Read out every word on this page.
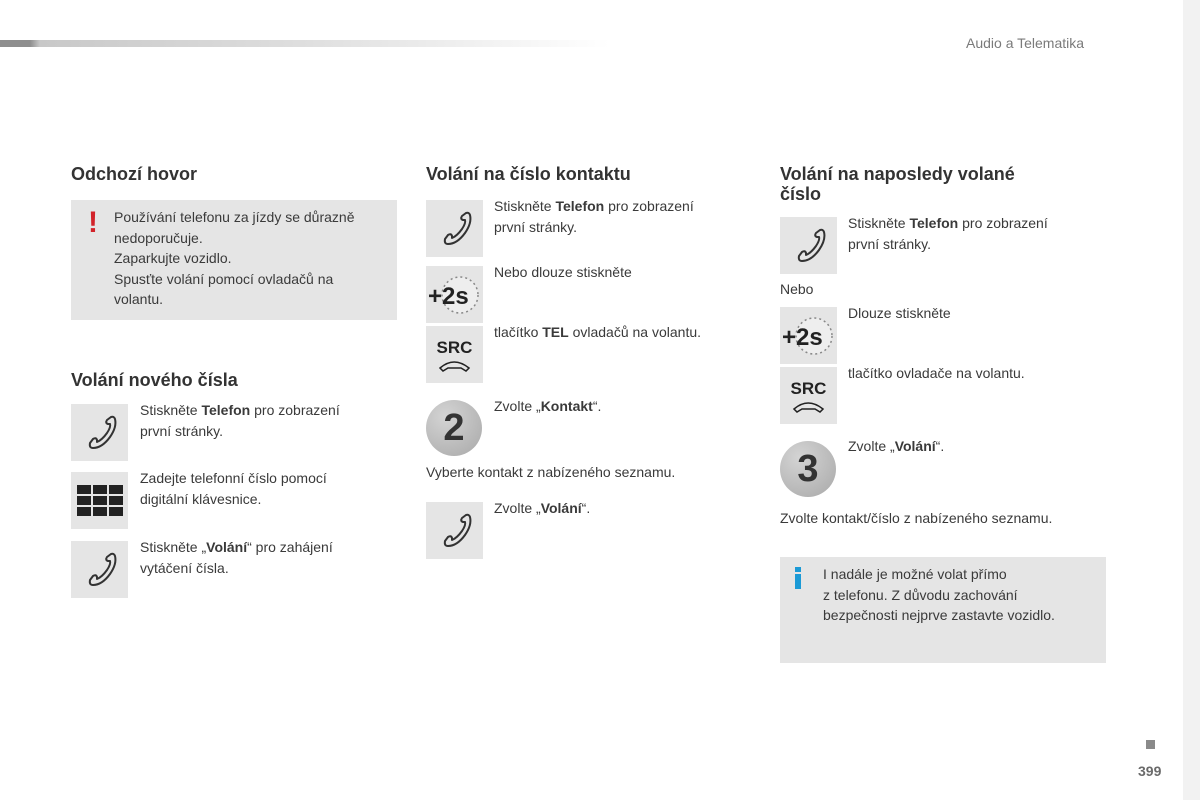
Audio a Telematika
399
Odchozí hovor
! Používání telefonu za jízdy se důrazně
nedoporučuje.
Zaparkujte vozidlo.
Spusťte volání pomocí ovladačů na
volantu.
Volání nového čísla
Stiskněte Telefon pro zobrazení
první stránky.
Zadejte telefonní číslo pomocí
digitální klávesnice.
Stiskněte „Volání“ pro zahájení
vytáčení čísla.
Volání na číslo kontaktu
Stiskněte Telefon pro zobrazení
první stránky.
+2s
Nebo dlouze stiskněte
SRC
tlačítko TEL ovladačů na volantu.
2
Zvolte „Kontakt“.
Vyberte kontakt z nabízeného seznamu.
Zvolte „Volání“.
Volání na naposledy volané
číslo
Stiskněte Telefon pro zobrazení
první stránky.
Nebo
+2s
Dlouze stiskněte
SRC
tlačítko ovladače na volantu.
3
Zvolte „Volání“.
Zvolte kontakt/číslo z nabízeného seznamu.
I nadále je možné volat přímo
z telefonu. Z důvodu zachování
bezpečnosti nejprve zastavte vozidlo.
